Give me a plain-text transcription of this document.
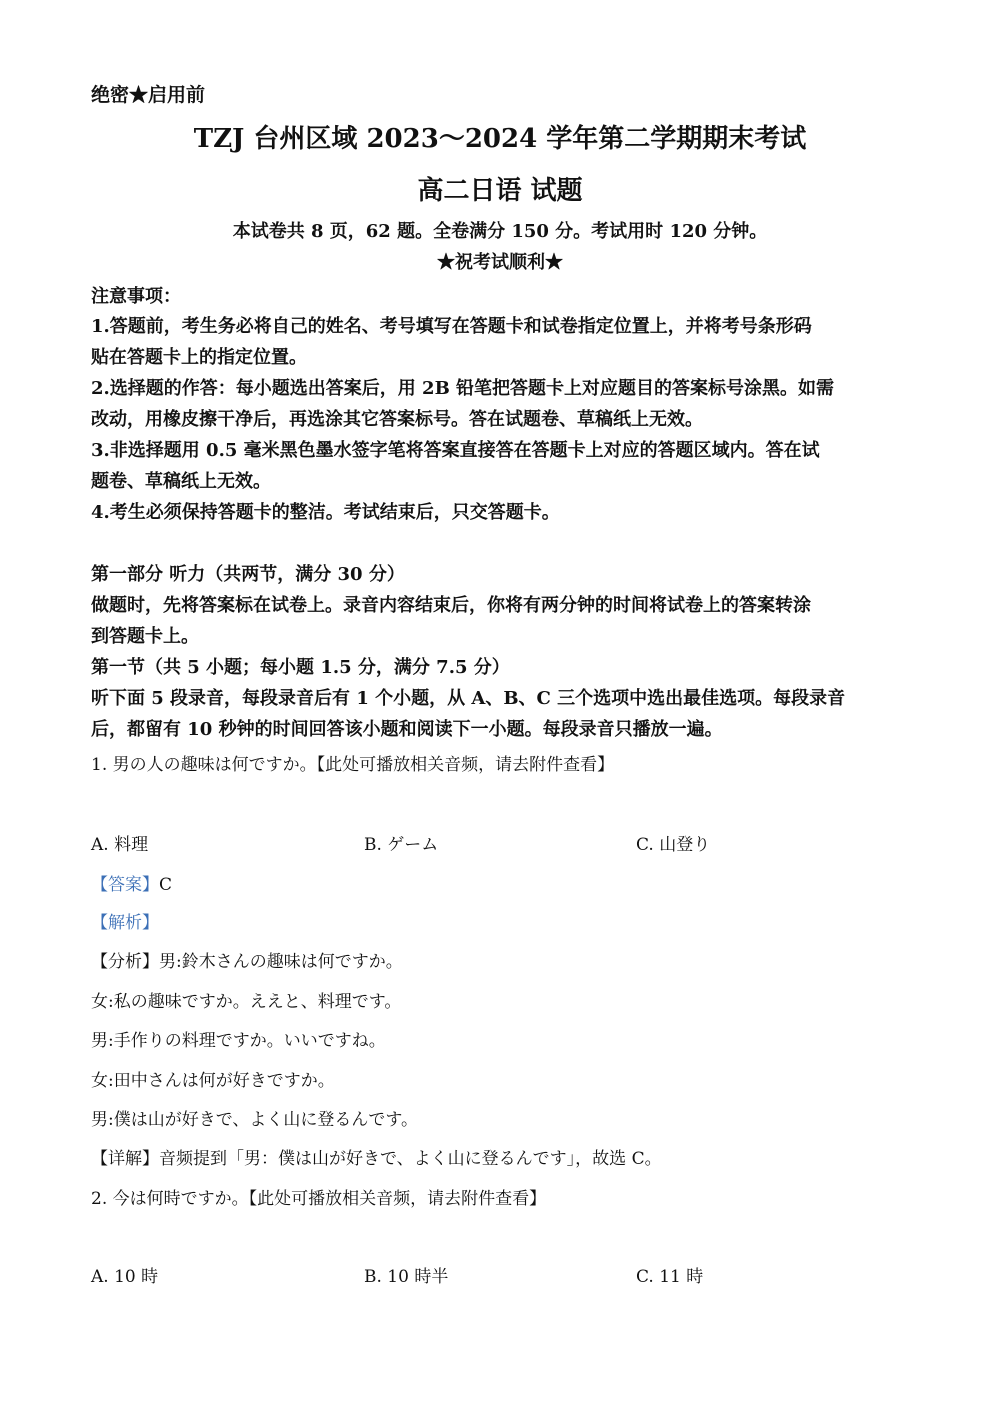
绝密★启用前
TZJ 台州区域 2023～2024 学年第二学期期末考试
高二日语 试题
本试卷共 8 页，62 题。全卷满分 150 分。考试用时 120 分钟。
★祝考试顺利★
注意事项：
1.答题前，考生务必将自己的姓名、考号填写在答题卡和试卷指定位置上，并将考号条形码
贴在答题卡上的指定位置。
2.选择题的作答：每小题选出答案后，用 2B 铅笔把答题卡上对应题目的答案标号涂黑。如需
改动，用橡皮擦干净后，再选涂其它答案标号。答在试题卷、草稿纸上无效。
3.非选择题用 0.5 毫米黑色墨水签字笔将答案直接答在答题卡上对应的答题区域内。答在试
题卷、草稿纸上无效。
4.考生必须保持答题卡的整洁。考试结束后，只交答题卡。
第一部分 听力（共两节，满分 30 分）
做题时，先将答案标在试卷上。录音内容结束后，你将有两分钟的时间将试卷上的答案转涂
到答题卡上。
第一节（共 5 小题；每小题 1.5 分，满分 7.5 分）
听下面 5 段录音，每段录音后有 1 个小题，从 A、B、C 三个选项中选出最佳选项。每段录音
后，都留有 10 秒钟的时间回答该小题和阅读下一小题。每段录音只播放一遍。
1. 男の人の趣味は何ですか。【此处可播放相关音频，请去附件查看】
A. 料理	B. ゲーム	C. 山登り
【答案】C
【解析】
【分析】男:鈴木さんの趣味は何ですか。
女:私の趣味ですか。ええと、料理です。
男:手作りの料理ですか。いいですね。
女:田中さんは何が好きですか。
男:僕は山が好きで、よく山に登るんです。
【详解】音频提到「男：僕は山が好きで、よく山に登るんです」，故选 C。
2. 今は何時ですか。【此处可播放相关音频，请去附件查看】
A. 10 時	B. 10 時半	C. 11 時
